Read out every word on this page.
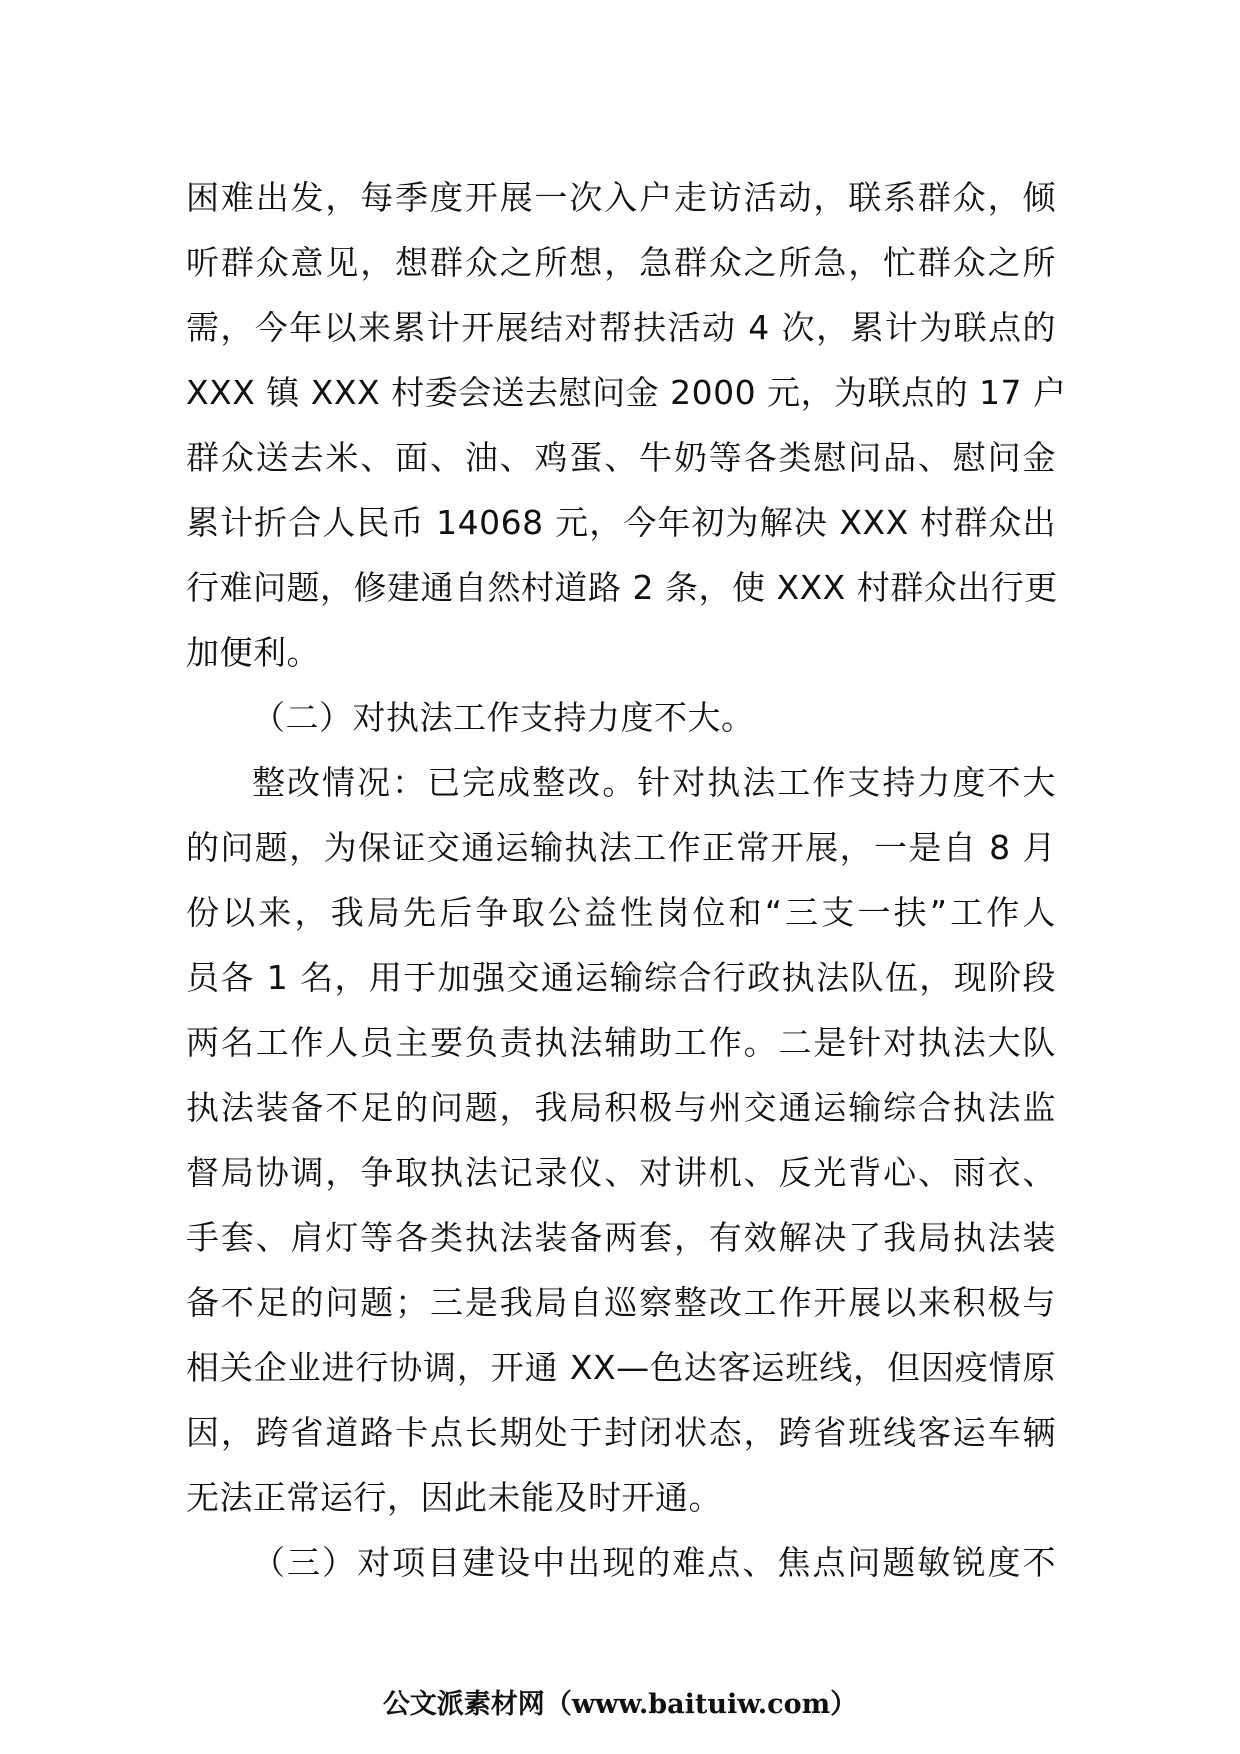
困难出发，每季度开展一次入户走访活动，联系群众，倾
听群众意见，想群众之所想，急群众之所急，忙群众之所
需，今年以来累计开展结对帮扶活动 4 次，累计为联点的
XXX 镇 XXX 村委会送去慰问金 2000 元，为联点的 17 户
群众送去米、面、油、鸡蛋、牛奶等各类慰问品、慰问金
累计折合人民币 14068 元，今年初为解决 XXX 村群众出
行难问题，修建通自然村道路 2 条，使 XXX 村群众出行更
加便利。
（二）对执法工作支持力度不大。
整改情况：已完成整改。针对执法工作支持力度不大
的问题，为保证交通运输执法工作正常开展，一是自 8 月
份以来，我局先后争取公益性岗位和“三支一扶”工作人
员各 1 名，用于加强交通运输综合行政执法队伍，现阶段
两名工作人员主要负责执法辅助工作。二是针对执法大队
执法装备不足的问题，我局积极与州交通运输综合执法监
督局协调，争取执法记录仪、对讲机、反光背心、雨衣、
手套、肩灯等各类执法装备两套，有效解决了我局执法装
备不足的问题；三是我局自巡察整改工作开展以来积极与
相关企业进行协调，开通 XX—色达客运班线，但因疫情原
因，跨省道路卡点长期处于封闭状态，跨省班线客运车辆
无法正常运行，因此未能及时开通。
（三）对项目建设中出现的难点、焦点问题敏锐度不
公文派素材网（www.baituiw.com）
